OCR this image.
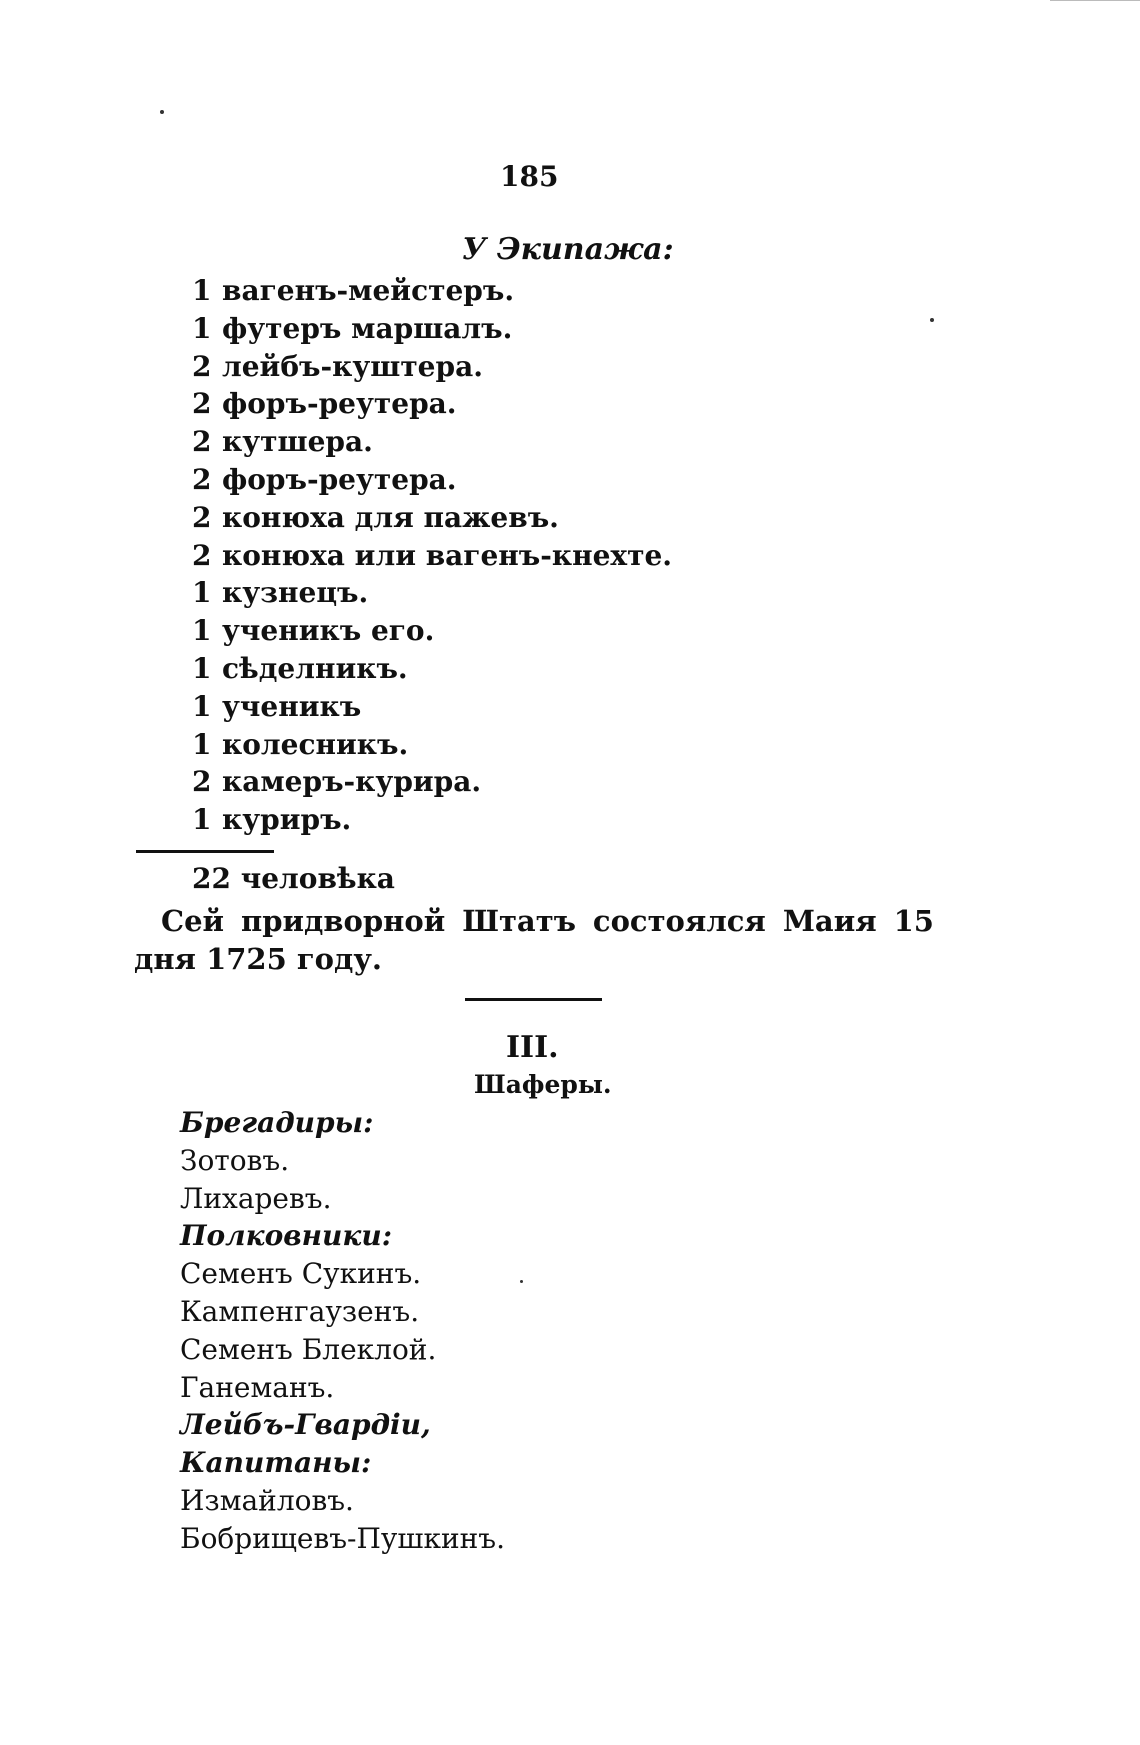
185
У Экипажа:
1 вагенъ-мейстеръ.
1 футеръ маршалъ.
2 лейбъ-куштера.
2 форъ-реутера.
2 кутшера.
2 форъ-реутера.
2 конюха для пажевъ.
2 конюха или вагенъ-кнехте.
1 кузнецъ.
1 ученикъ его.
1 сѣделникъ.
1 ученикъ
1 колесникъ.
2 камеръ-курира.
1 куриръ.
22 человѣка
Сей придворной Штатъ состоялся Маия 15 дня 1725 году.
III.
Шаферы.
Брегадиры:
Зотовъ.
Лихаревъ.
Полковники:
Семенъ Сукинъ.
Кампенгаузенъ.
Семенъ Блеклой.
Ганеманъ.
Лейбъ-Гвардіи,
Капитаны:
Измайловъ.
Бобрищевъ-Пушкинъ.
